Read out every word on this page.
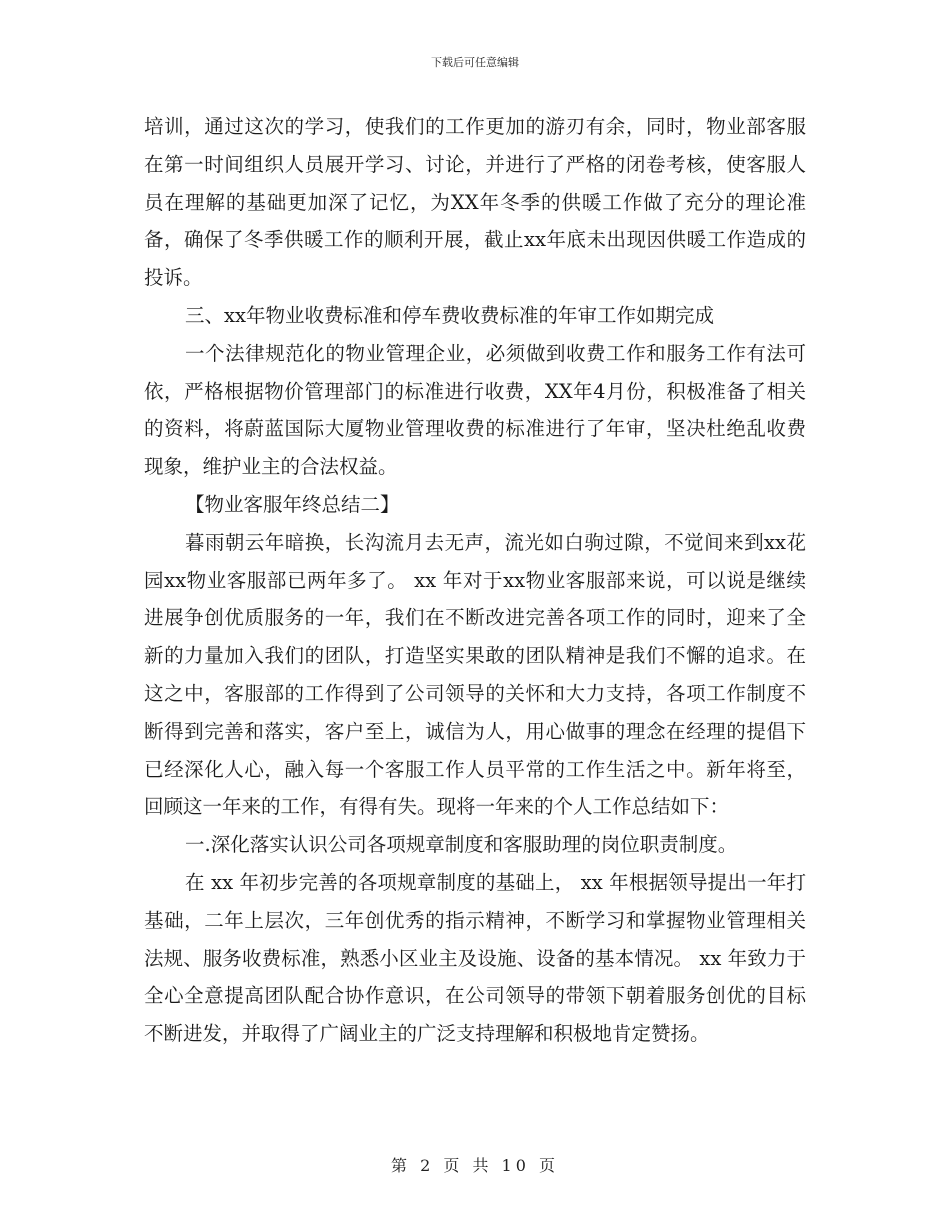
下载后可任意编辑

培训，通过这次的学习，使我们的工作更加的游刃有余，同时，物业部客服在第一时间组织人员展开学习、讨论，并进行了严格的闭卷考核，使客服人员在理解的基础更加深了记忆，为XX年冬季的供暖工作做了充分的理论准备，确保了冬季供暖工作的顺利开展，截止xx年底未出现因供暖工作造成的投诉。

三、xx年物业收费标准和停车费收费标准的年审工作如期完成

一个法律规范化的物业管理企业，必须做到收费工作和服务工作有法可依，严格根据物价管理部门的标准进行收费，XX年4月份，积极准备了相关的资料，将蔚蓝国际大厦物业管理收费的标准进行了年审，坚决杜绝乱收费现象，维护业主的合法权益。

【物业客服年终总结二】

暮雨朝云年暗换，长沟流月去无声，流光如白驹过隙，不觉间来到xx花园xx物业客服部已两年多了。 xx 年对于xx物业客服部来说，可以说是继续进展争创优质服务的一年，我们在不断改进完善各项工作的同时，迎来了全新的力量加入我们的团队，打造坚实果敢的团队精神是我们不懈的追求。在这之中，客服部的工作得到了公司领导的关怀和大力支持，各项工作制度不断得到完善和落实，客户至上，诚信为人，用心做事的理念在经理的提倡下已经深化人心，融入每一个客服工作人员平常的工作生活之中。新年将至，回顾这一年来的工作，有得有失。现将一年来的个人工作总结如下：

一.深化落实认识公司各项规章制度和客服助理的岗位职责制度。

在 xx 年初步完善的各项规章制度的基础上， xx 年根据领导提出一年打基础，二年上层次，三年创优秀的指示精神，不断学习和掌握物业管理相关法规、服务收费标准，熟悉小区业主及设施、设备的基本情况。 xx 年致力于全心全意提高团队配合协作意识，在公司领导的带领下朝着服务创优的目标不断进发，并取得了广阔业主的广泛支持理解和积极地肯定赞扬。

第 2 页 共 10 页
